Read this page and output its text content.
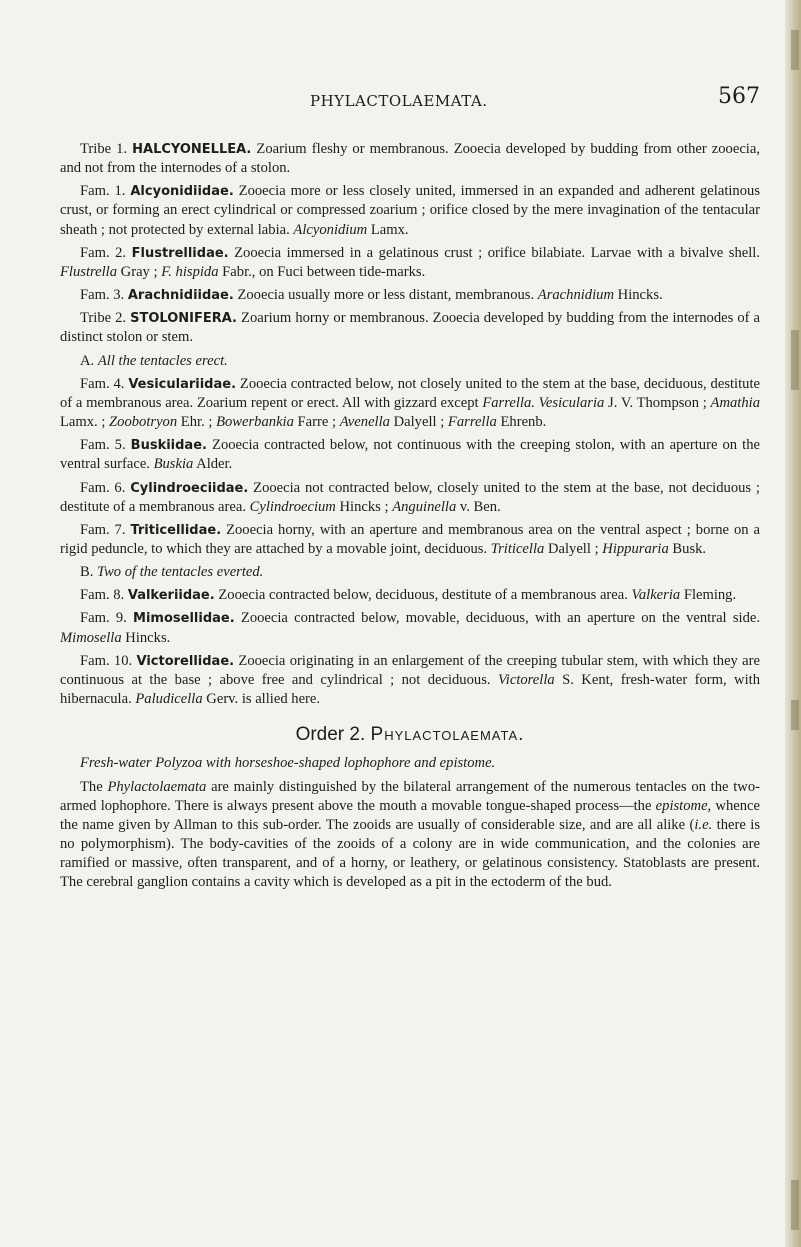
PHYLACTOLAEMATA.	567

Tribe 1. HALCYONELLEA. Zoarium fleshy or membranous. Zooecia developed by budding from other zooecia, and not from the internodes of a stolon.

Fam. 1. Alcyonidiidae. Zooecia more or less closely united, immersed in an expanded and adherent gelatinous crust, or forming an erect cylindrical or compressed zoarium ; orifice closed by the mere invagination of the tentacular sheath ; not protected by external labia. Alcyonidium Lamx.

Fam. 2. Flustrellidae. Zooecia immersed in a gelatinous crust ; orifice bilabiate. Larvae with a bivalve shell. Flustrella Gray ; F. hispida Fabr., on Fuci between tide-marks.

Fam. 3. Arachnidiidae. Zooecia usually more or less distant, membranous. Arachnidium Hincks.

Tribe 2. STOLONIFERA. Zoarium horny or membranous. Zooecia developed by budding from the internodes of a distinct stolon or stem.

A. All the tentacles erect.

Fam. 4. Vesiculariidae. Zooecia contracted below, not closely united to the stem at the base, deciduous, destitute of a membranous area. Zoarium repent or erect. All with gizzard except Farrella. Vesicularia J. V. Thompson ; Amathia Lamx. ; Zoobotryon Ehr. ; Bowerbankia Farre ; Avenella Dalyell ; Farrella Ehrenb.

Fam. 5. Buskiidae. Zooecia contracted below, not continuous with the creeping stolon, with an aperture on the ventral surface. Buskia Alder.

Fam. 6. Cylindroeciidae. Zooecia not contracted below, closely united to the stem at the base, not deciduous ; destitute of a membranous area. Cylindroecium Hincks ; Anguinella v. Ben.

Fam. 7. Triticellidae. Zooecia horny, with an aperture and membranous area on the ventral aspect ; borne on a rigid peduncle, to which they are attached by a movable joint, deciduous. Triticella Dalyell ; Hippuraria Busk.

B. Two of the tentacles everted.

Fam. 8. Valkeriidae. Zooecia contracted below, deciduous, destitute of a membranous area. Valkeria Fleming.

Fam. 9. Mimosellidae. Zooecia contracted below, movable, deciduous, with an aperture on the ventral side. Mimosella Hincks.

Fam. 10. Victorellidae. Zooecia originating in an enlargement of the creeping tubular stem, with which they are continuous at the base ; above free and cylindrical ; not deciduous. Victorella S. Kent, fresh-water form, with hibernacula. Paludicella Gerv. is allied here.

Order 2. Phylactolaemata.

Fresh-water Polyzoa with horseshoe-shaped lophophore and epistome.

The Phylactolaemata are mainly distinguished by the bilateral arrangement of the numerous tentacles on the two-armed lophophore. There is always present above the mouth a movable tongue-shaped process—the epistome, whence the name given by Allman to this sub-order. The zooids are usually of considerable size, and are all alike (i.e. there is no polymorphism). The body-cavities of the zooids of a colony are in wide communication, and the colonies are ramified or massive, often transparent, and of a horny, or leathery, or gelatinous consistency. Statoblasts are present. The cerebral ganglion contains a cavity which is developed as a pit in the ectoderm of the bud.
